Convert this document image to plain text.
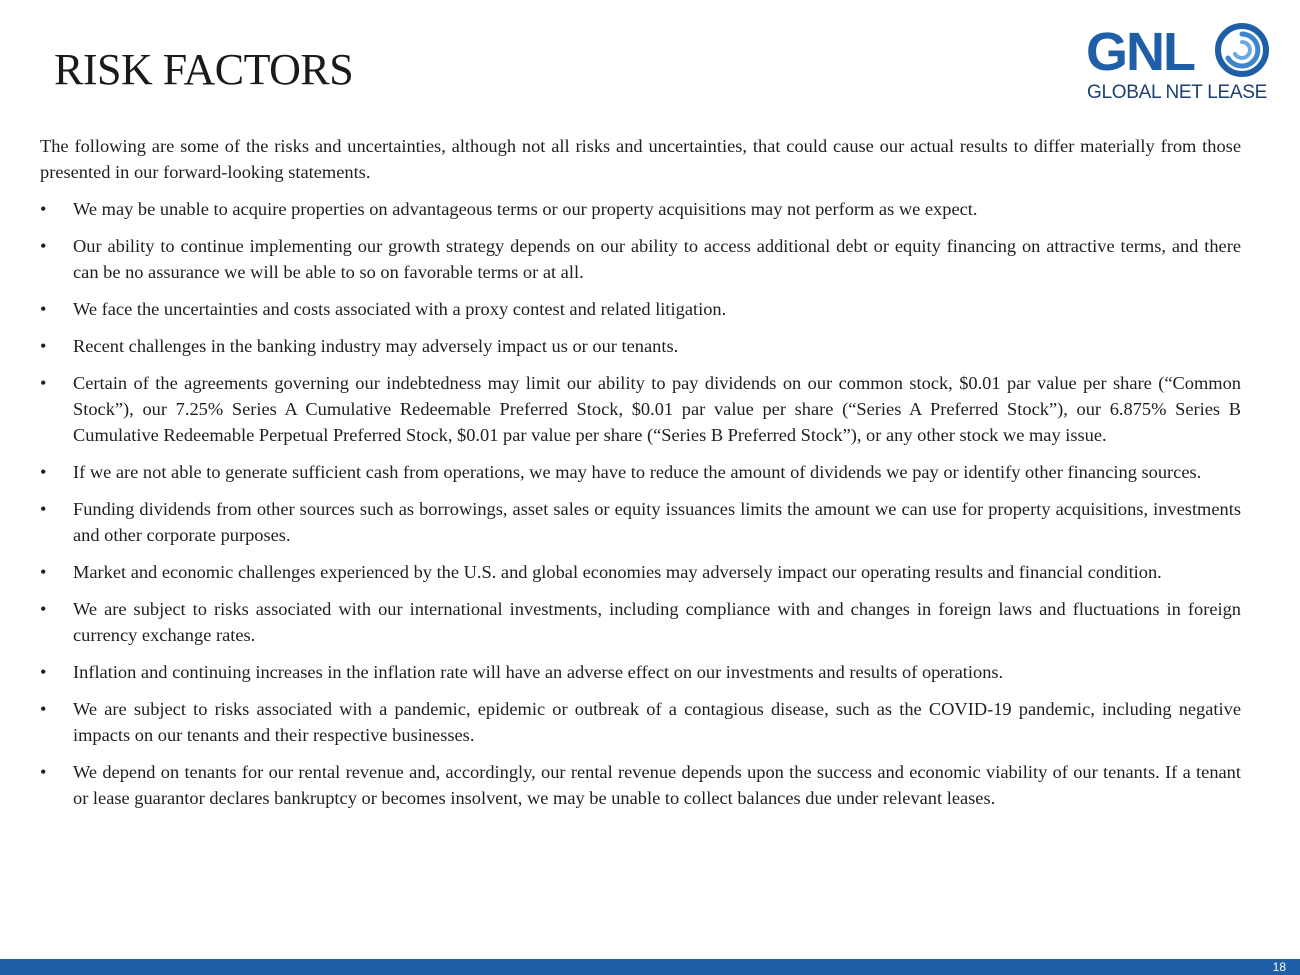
RISK FACTORS	GNL
GLOBAL NET LEASE

The following are some of the risks and uncertainties, although not all risks and uncertainties, that could cause our actual results to differ materially from those presented in our forward-looking statements.

• We may be unable to acquire properties on advantageous terms or our property acquisitions may not perform as we expect.
• Our ability to continue implementing our growth strategy depends on our ability to access additional debt or equity financing on attractive terms, and there can be no assurance we will be able to so on favorable terms or at all.
• We face the uncertainties and costs associated with a proxy contest and related litigation.
• Recent challenges in the banking industry may adversely impact us or our tenants.
• Certain of the agreements governing our indebtedness may limit our ability to pay dividends on our common stock, $0.01 par value per share (“Common Stock”), our 7.25% Series A Cumulative Redeemable Preferred Stock, $0.01 par value per share (“Series A Preferred Stock”), our 6.875% Series B Cumulative Redeemable Perpetual Preferred Stock, $0.01 par value per share (“Series B Preferred Stock”), or any other stock we may issue.
• If we are not able to generate sufficient cash from operations, we may have to reduce the amount of dividends we pay or identify other financing sources.
• Funding dividends from other sources such as borrowings, asset sales or equity issuances limits the amount we can use for property acquisitions, investments and other corporate purposes.
• Market and economic challenges experienced by the U.S. and global economies may adversely impact our operating results and financial condition.
• We are subject to risks associated with our international investments, including compliance with and changes in foreign laws and fluctuations in foreign currency exchange rates.
• Inflation and continuing increases in the inflation rate will have an adverse effect on our investments and results of operations.
• We are subject to risks associated with a pandemic, epidemic or outbreak of a contagious disease, such as the COVID-19 pandemic, including negative impacts on our tenants and their respective businesses.
• We depend on tenants for our rental revenue and, accordingly, our rental revenue depends upon the success and economic viability of our tenants. If a tenant or lease guarantor declares bankruptcy or becomes insolvent, we may be unable to collect balances due under relevant leases.
18
